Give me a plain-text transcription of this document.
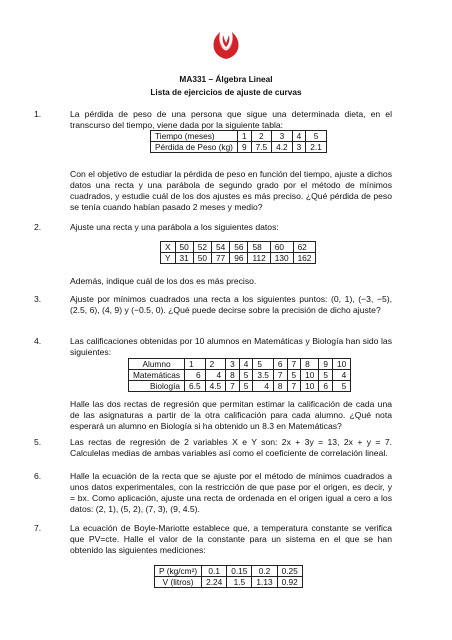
MA331 – Álgebra Lineal
Lista de ejercicios de ajuste de curvas
1.	La pérdida de peso de una persona que sigue una determinada dieta, en el transcurso del tiempo, viene dada por la siguiente tabla:

Tiempo (meses)	1	2	3	4	5
Pérdida de Peso (kg)	9	7.5	4.2	3	2.1

Con el objetivo de estudiar la pérdida de peso en función del tiempo, ajuste a dichos datos una recta y una parábola de segundo grado por el método de mínimos cuadrados, y estudie cuál de los dos ajustes es más preciso. ¿Qué pérdida de peso se tenía cuando habían pasado 2 meses y medio?

2.	Ajuste una recta y una parábola a los siguientes datos:

X	50	52	54	56	58	60	62
Y	31	50	77	96	112	130	162

Además, indique cuál de los dos es más preciso.

3.	Ajuste por mínimos cuadrados una recta a los siguientes puntos: (0, 1), (−3, −5), (2.5, 6), (4, 9) y (−0.5, 0). ¿Qué puede decirse sobre la precisión de dicho ajuste?

4.	Las calificaciones obtenidas por 10 alumnos en Matemáticas y Biología han sido las siguientes:

Alumno	1	2	3	4	5	6	7	8	9	10
Matemáticas	6	4	8	5	3.5	7	5	10	5	4
Biología	6.5	4.5	7	5	4	8	7	10	6	5

Halle las dos rectas de regresión que permitan estimar la calificación de cada una de las asignaturas a partir de la otra calificación para cada alumno. ¿Qué nota esperará un alumno en Biología si ha obtenido un 8.3 en Matemáticas?

5.	Las rectas de regresión de 2 variables X e Y son: 2x + 3y = 13, 2x + y = 7. Calculelas medias de ambas variables así como el coeficiente de correlación lineal.

6.	Halle la ecuación de la recta que se ajuste por el método de mínimos cuadrados a unos datos experimentales, con la restricción de que pase por el origen, es decir, y = bx. Como aplicación, ajuste una recta de ordenada en el origen igual a cero a los datos: (2, 1), (5, 2), (7, 3), (9, 4.5).

7.	La ecuación de Boyle-Mariotte establece que, a temperatura constante se verifica que PV=cte. Halle el valor de la constante para un sistema en el que se han obtenido las siguientes mediciones:

P (kg/cm²)	0.1	0.15	0.2	0.25
V (litros)	2.24	1.5	1.13	0.92
